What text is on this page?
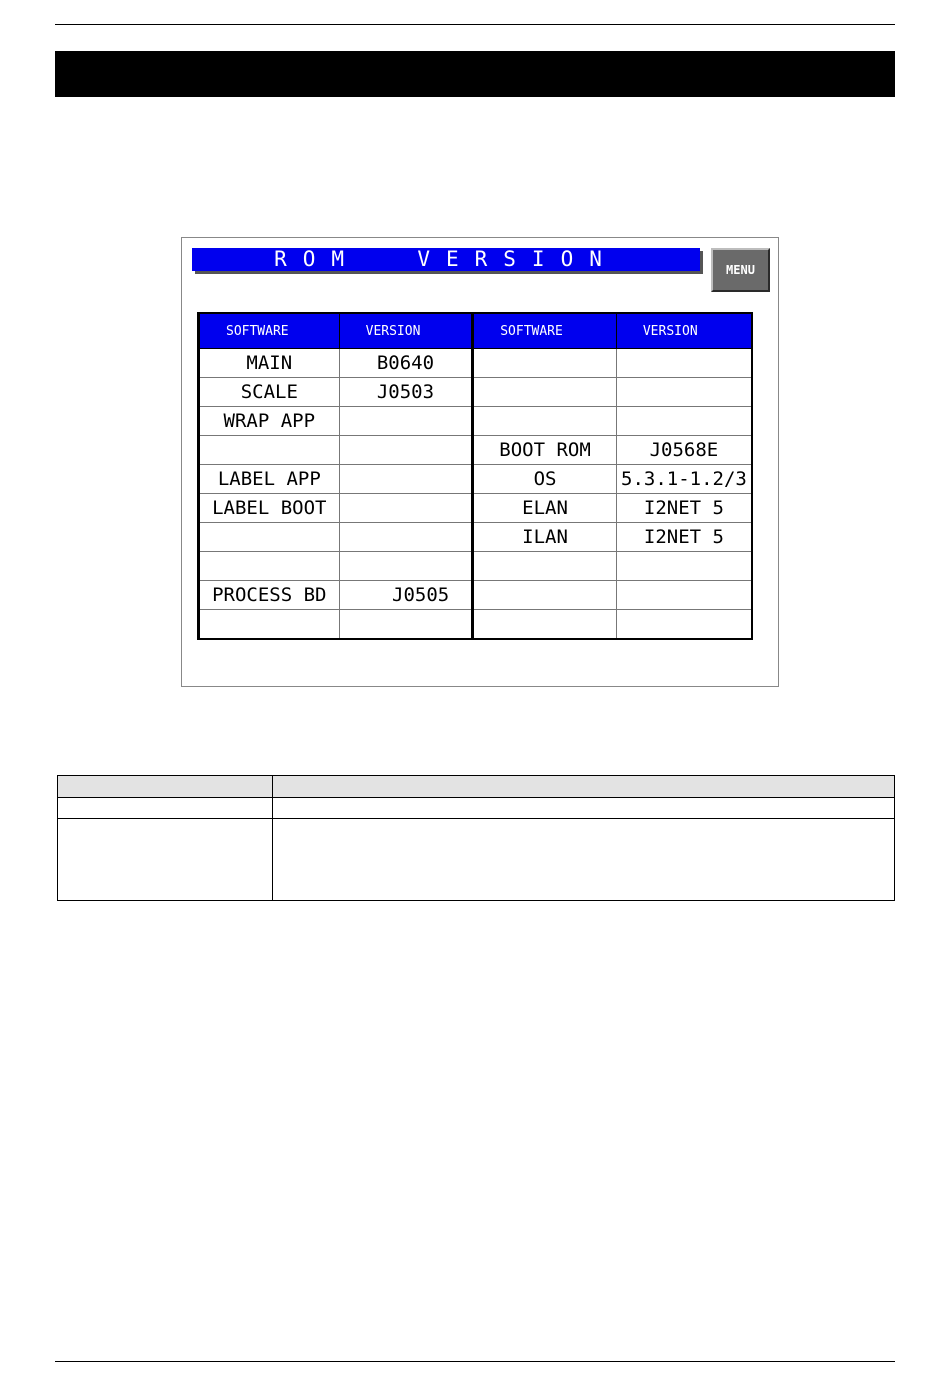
ROM  VERSION	MENU
SOFTWARE	VERSION	SOFTWARE	VERSION
MAIN	B0640		
SCALE	J0503		
WRAP APP			
		BOOT ROM	J0568E
LABEL APP		OS	5.3.1-1.2/3
LABEL BOOT		ELAN	I2NET 5
		ILAN	I2NET 5

PROCESS BD	J0505		
